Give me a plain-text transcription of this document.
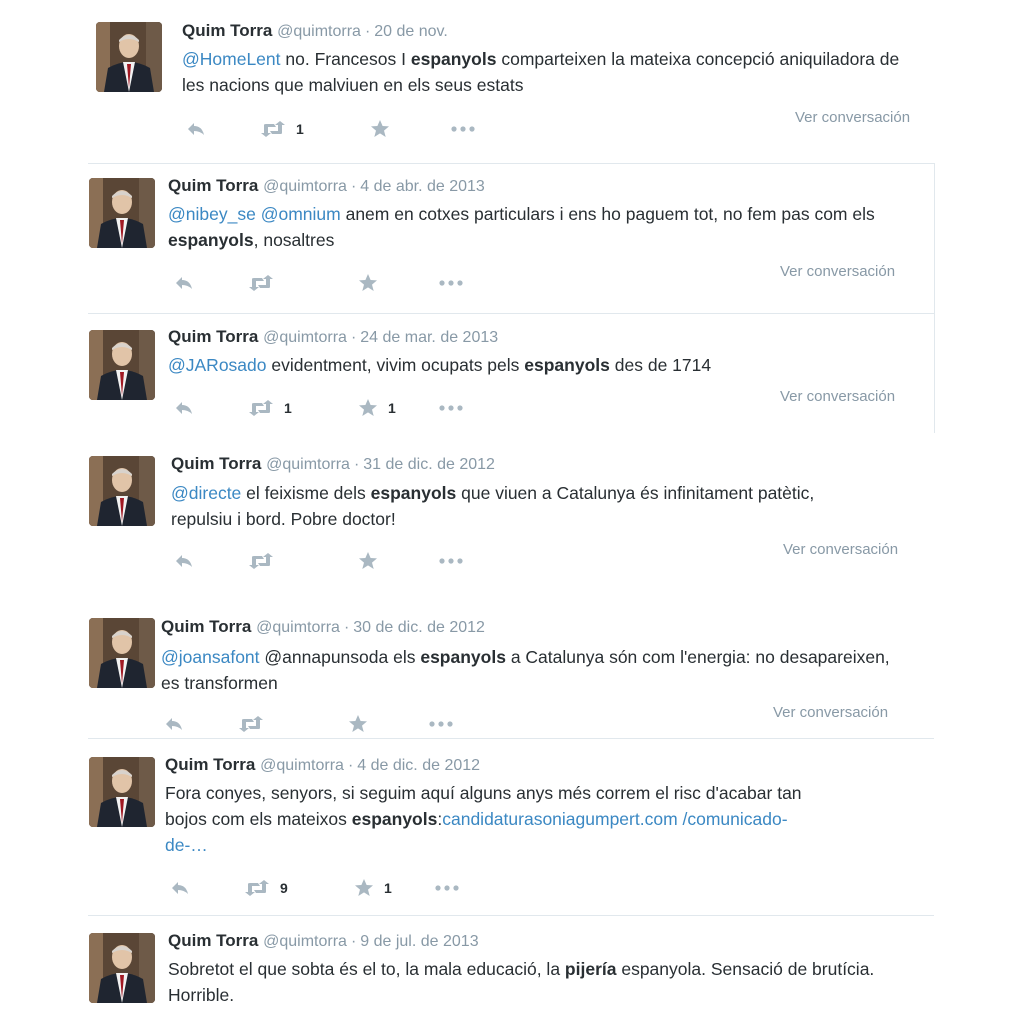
Quim Torra @quimtorra · 20 de nov.
@HomeLent no. Francesos I espanyols comparteixen la mateixa concepció aniquiladora de les nacions que malviuen en els seus estats
1
Ver conversación
Quim Torra @quimtorra · 4 de abr. de 2013
@nibey_se @omnium anem en cotxes particulars i ens ho paguem tot, no fem pas com els espanyols, nosaltres
Ver conversación
Quim Torra @quimtorra · 24 de mar. de 2013
@JARosado evidentment, vivim ocupats pels espanyols des de 1714
1	1
Ver conversación
Quim Torra @quimtorra · 31 de dic. de 2012
@directe el feixisme dels espanyols que viuen a Catalunya és infinitament patètic, repulsiu i bord. Pobre doctor!
Ver conversación
Quim Torra @quimtorra · 30 de dic. de 2012
@joansafont @annapunsoda els espanyols a Catalunya són com l'energia: no desapareixen, es transformen
Ver conversación
Quim Torra @quimtorra · 4 de dic. de 2012
Fora conyes, senyors, si seguim aquí alguns anys més correm el risc d'acabar tan bojos com els mateixos espanyols:candidaturasoniagumpert.com /comunicado-de-…
9	1
Quim Torra @quimtorra · 9 de jul. de 2013
Sobretot el que sobta és el to, la mala educació, la pijería espanyola. Sensació de brutícia. Horrible.
